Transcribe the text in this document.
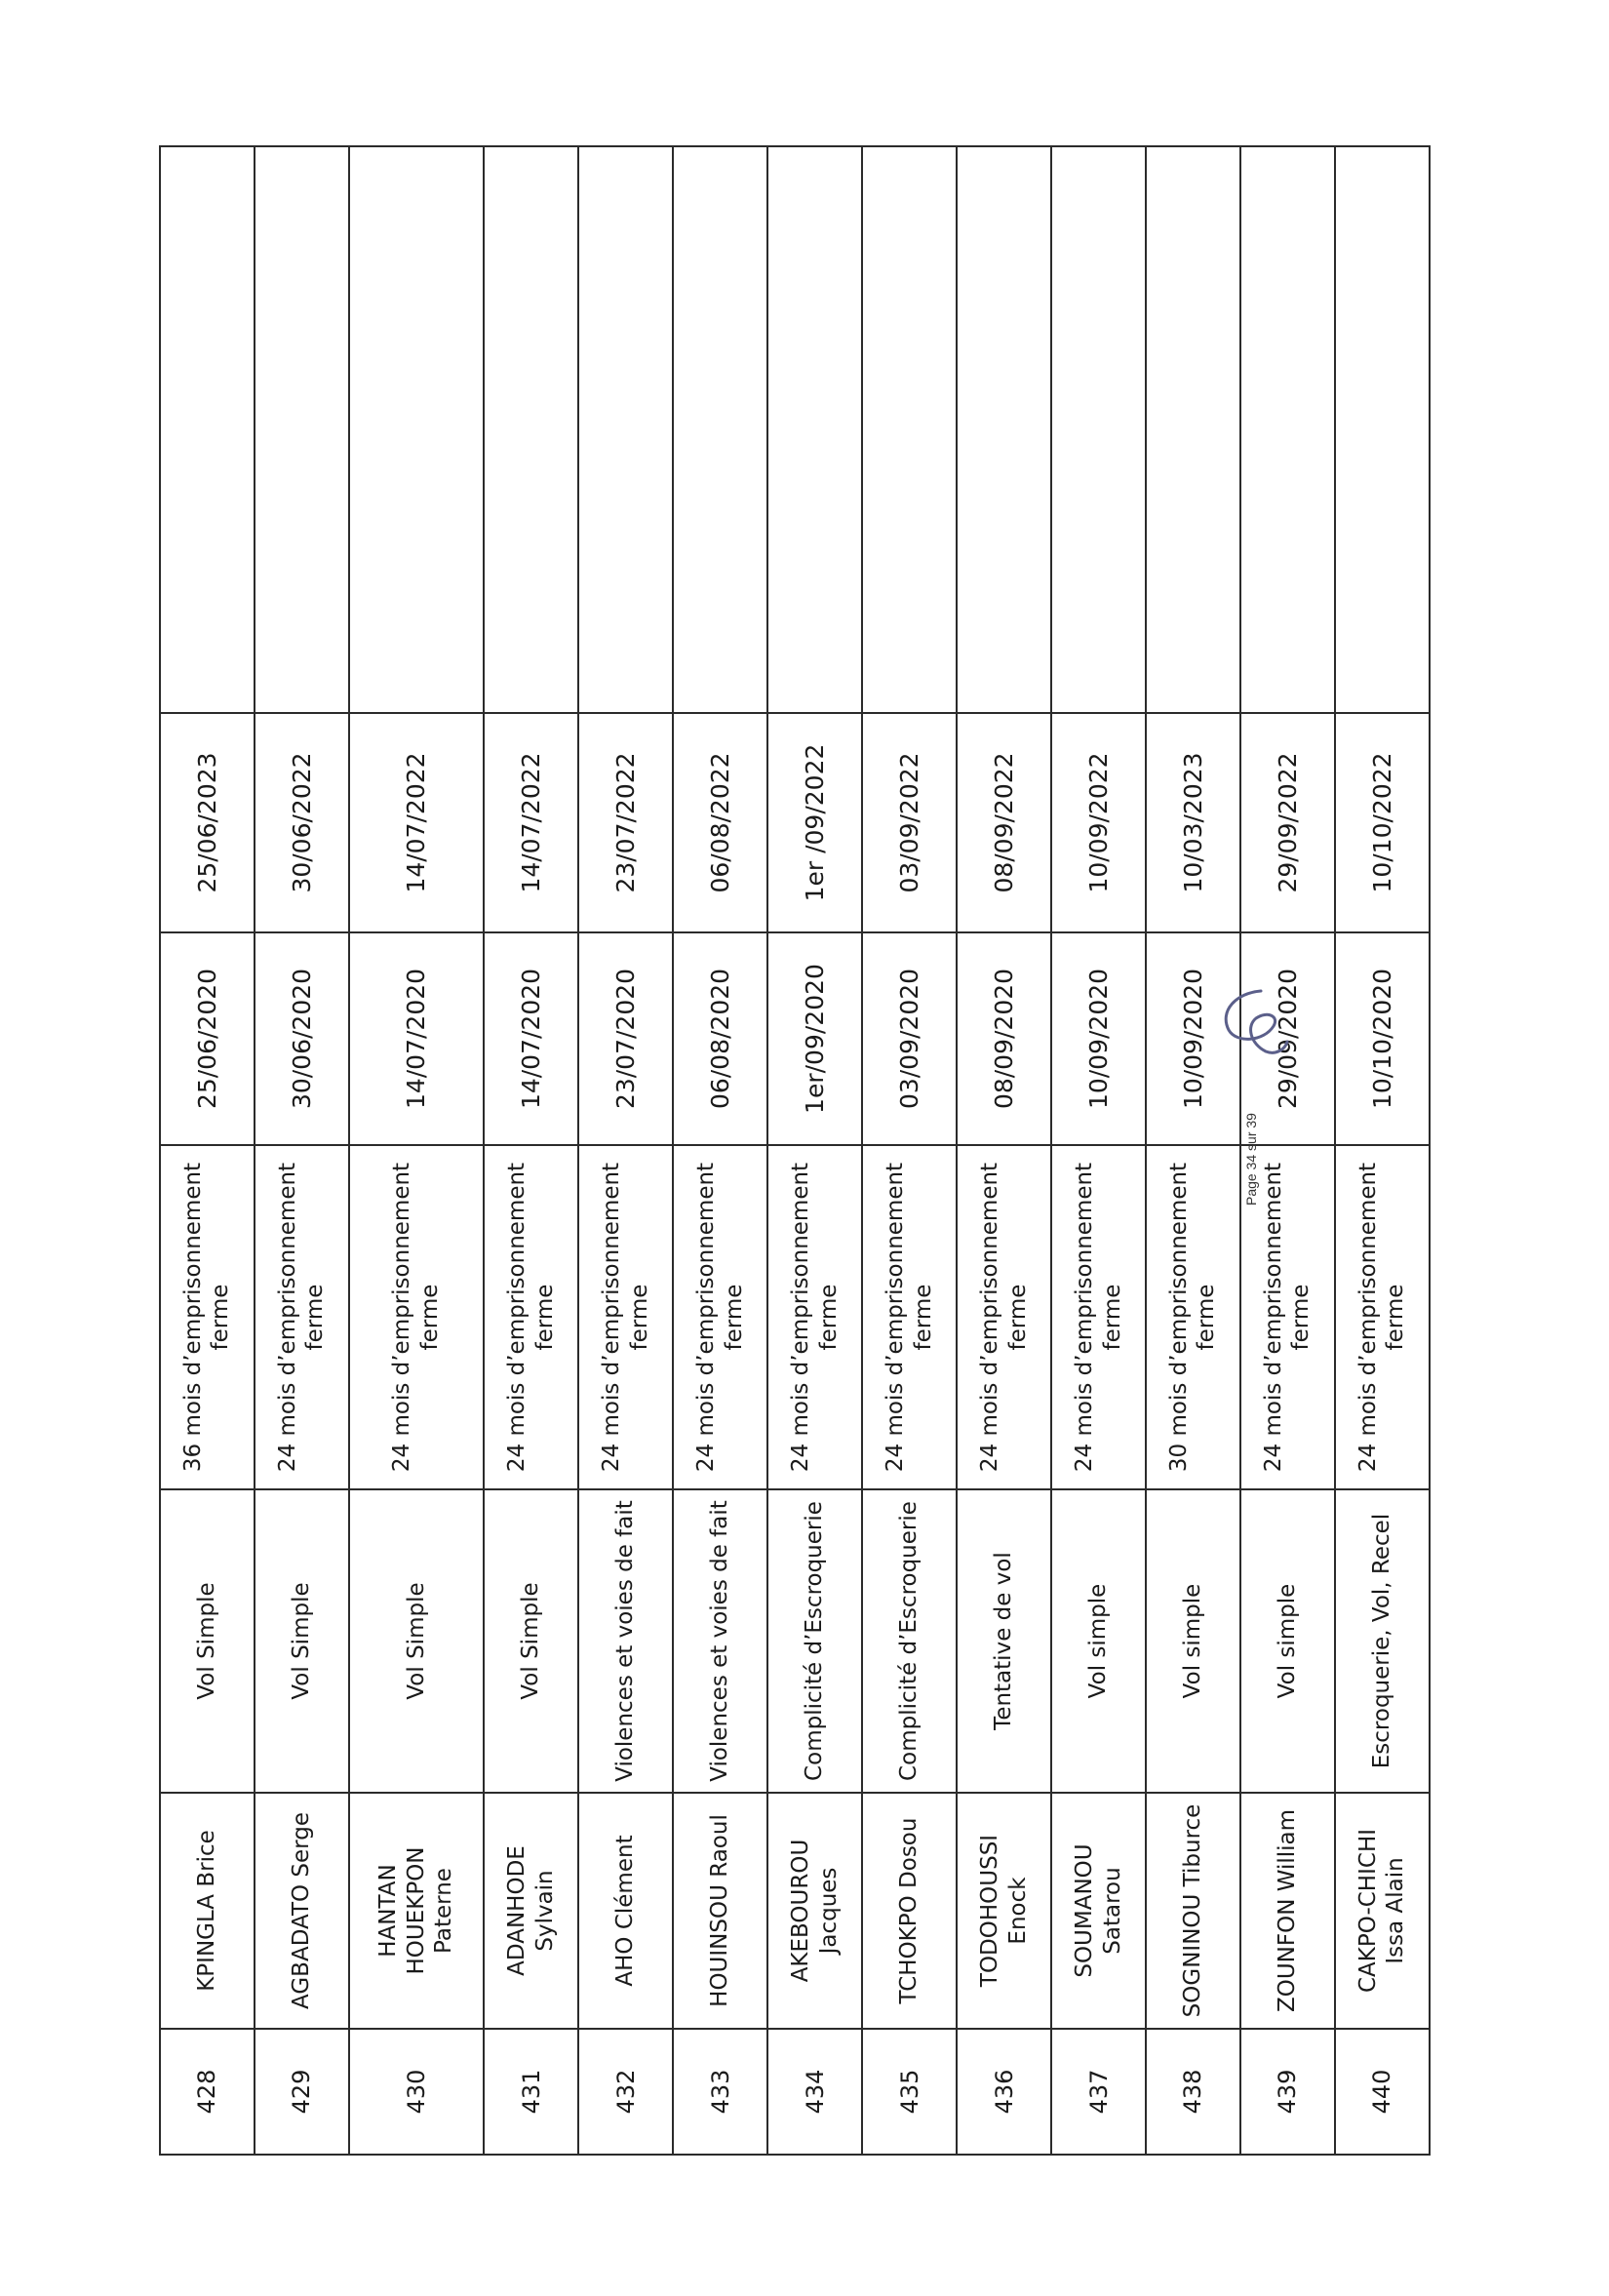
428	KPINGLA Brice	Vol Simple	36 mois d’emprisonnement ferme	25/06/2020	25/06/2023	
429	AGBADATO Serge	Vol Simple	24 mois d’emprisonnement ferme	30/06/2020	30/06/2022	
430	HANTAN HOUEKPON Paterne	Vol Simple	24 mois d’emprisonnement ferme	14/07/2020	14/07/2022	
431	ADANHODE Sylvain	Vol Simple	24 mois d’emprisonnement ferme	14/07/2020	14/07/2022	
432	AHO Clément	Violences et voies de fait	24 mois d’emprisonnement ferme	23/07/2020	23/07/2022	
433	HOUINSOU Raoul	Violences et voies de fait	24 mois d’emprisonnement ferme	06/08/2020	06/08/2022	
434	AKEBOUROU Jacques	Complicité d’Escroquerie	24 mois d’emprisonnement ferme	1er/09/2020	1er /09/2022	
435	TCHOKPO Dosou	Complicité d’Escroquerie	24 mois d’emprisonnement ferme	03/09/2020	03/09/2022	
436	TODOHOUSSI Enock	Tentative de vol	24 mois d’emprisonnement ferme	08/09/2020	08/09/2022	
437	SOUMANOU Satarou	Vol simple	24 mois d’emprisonnement ferme	10/09/2020	10/09/2022	
438	SOGNINOU Tiburce	Vol simple	30 mois d’emprisonnement ferme	10/09/2020	10/03/2023	
439	ZOUNFON William	Vol simple	24 mois d’emprisonnement ferme	29/09/2020	29/09/2022	
440	CAKPO-CHICHI Issa Alain	Escroquerie, Vol, Recel	24 mois d’emprisonnement ferme	10/10/2020	10/10/2022	
Page 34 sur 39
